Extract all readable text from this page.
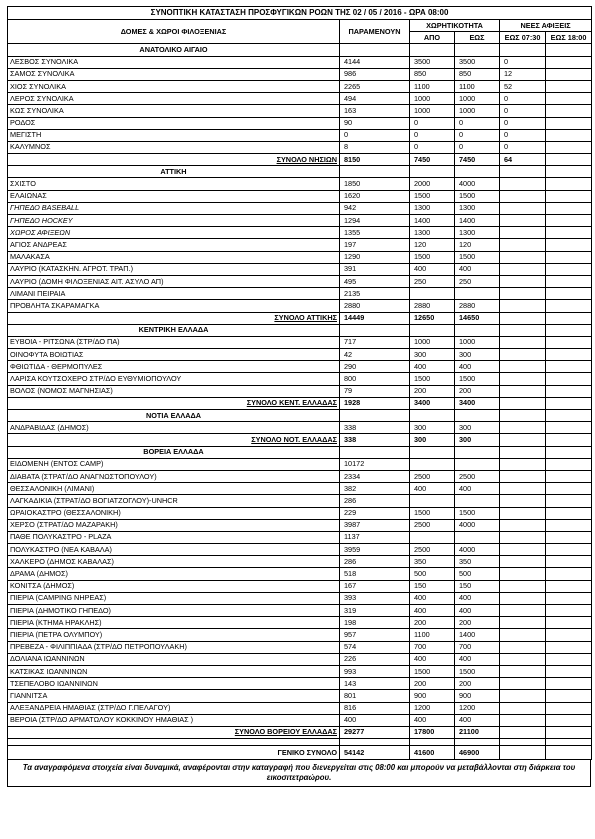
ΣΥΝΟΠΤΙΚΗ ΚΑΤΑΣΤΑΣΗ ΠΡΟΣΦΥΓΙΚΩΝ ΡΟΩΝ ΤΗΣ 02 / 05 / 2016 - ΩΡΑ 08:00					
ΔΟΜΕΣ & ΧΩΡΟΙ ΦΙΛΟΞΕΝΙΑΣ	ΠΑΡΑΜΕΝΟΥΝ	ΧΩΡΗΤΙΚΟΤΗΤΑ		ΝΕΕΣ ΑΦΙΞΕΙΣ	
		ΑΠΟ	ΕΩΣ	ΕΩΣ 07:30	ΕΩΣ 18:00
ΑΝΑΤΟΛΙΚΟ ΑΙΓΑΙΟ					
ΛΕΣΒΟΣ ΣΥΝΟΛΙΚΑ	4144	3500	3500	0	
ΣΑΜΟΣ ΣΥΝΟΛΙΚΑ	986	850	850	12	
ΧΙΟΣ ΣΥΝΟΛΙΚΑ	2265	1100	1100	52	
ΛΕΡΟΣ ΣΥΝΟΛΙΚΑ	494	1000	1000	0	
ΚΩΣ ΣΥΝΟΛΙΚΑ	163	1000	1000	0	
ΡΟΔΟΣ	90	0	0	0	
ΜΕΓΙΣΤΗ	0	0	0	0	
ΚΑΛΥΜΝΟΣ	8	0	0	0	
ΣΥΝΟΛΟ ΝΗΣΙΩΝ	8150	7450	7450	64	
ΑΤΤΙΚΗ					
ΣΧΙΣΤΟ	1850	2000	4000		
ΕΛΑΙΩΝΑΣ	1620	1500	1500		
ΓΗΠΕΔΟ BASEBALL	942	1300	1300		
ΓΗΠΕΔΟ HOCKEY	1294	1400	1400		
ΧΩΡΟΣ ΑΦΙΞΕΩΝ	1355	1300	1300		
ΑΓΙΟΣ ΑΝΔΡΕΑΣ	197	120	120		
ΜΑΛΑΚΑΣΑ	1290	1500	1500		
ΛΑΥΡΙΟ (ΚΑΤΑΣΚΗΝ. ΑΓΡΟΤ. ΤΡΑΠ.)	391	400	400		
ΛΑΥΡΙΟ (ΔΟΜΗ ΦΙΛΟΞΕΝΙΑΣ ΑΙΤ. ΑΣΥΛΟ ΑΠ)	495	250	250		
ΛΙΜΑΝΙ ΠΕΙΡΑΙΑ	2135				
ΠΡΟΒΛΗΤΑ ΣΚΑΡΑΜΑΓΚΑ	2880	2880	2880		
ΣΥΝΟΛΟ ΑΤΤΙΚΗΣ	14449	12650	14650		
ΚΕΝΤΡΙΚΗ ΕΛΛΑΔΑ					
ΕΥΒΟΙΑ - ΡΙΤΣΩΝΑ (ΣΤΡ/ΔΟ ΠΑ)	717	1000	1000		
ΟΙΝΟΦΥΤΑ ΒΟΙΩΤΙΑΣ	42	300	300		
ΦΘΙΩΤΙΔΑ - ΘΕΡΜΟΠΥΛΕΣ	290	400	400		
ΛΑΡΙΣΑ ΚΟΥΤΣΟΧΕΡΟ ΣΤΡ/ΔΟ ΕΥΘΥΜΙΟΠΟΥΛΟΥ	800	1500	1500		
ΒΟΛΟΣ (ΝΟΜΟΣ ΜΑΓΝΗΣΙΑΣ)	79	200	200		
ΣΥΝΟΛΟ ΚΕΝΤ. ΕΛΛΑΔΑΣ	1928	3400	3400		
ΝΟΤΙΑ ΕΛΛΑΔΑ					
ΑΝΔΡΑΒΙΔΑΣ (ΔΗΜΟΣ)	338	300	300		
ΣΥΝΟΛΟ ΝΟΤ. ΕΛΛΑΔΑΣ	338	300	300		
ΒΟΡΕΙΑ ΕΛΛΑΔΑ					
ΕΙΔΟΜΕΝΗ (ΕΝΤΟΣ CAMP)	10172				
ΔΙΑΒΑΤΑ (ΣΤΡΑΤ/ΔΟ ΑΝΑΓΝΩΣΤΟΠΟΥΛΟΥ)	2334	2500	2500		
ΘΕΣΣΑΛΟΝΙΚΗ (ΛΙΜΑΝΙ)	382	400	400		
ΛΑΓΚΑΔΙΚΙΑ (ΣΤΡΑΤ/ΔΟ ΒΟΓΙΑΤΖΟΓΛΟΥ)-UNHCR	286				
ΩΡΑΙΟΚΑΣΤΡΟ (ΘΕΣΣΑΛΟΝΙΚΗ)	229	1500	1500		
ΧΕΡΣΟ (ΣΤΡΑΤ/ΔΟ ΜΑΖΑΡΑΚΗ)	3987	2500	4000		
ΠΑΘΕ ΠΟΛΥΚΑΣΤΡΟ - PLAZA	1137				
ΠΟΛΥΚΑΣΤΡΟ (ΝΕΑ ΚΑΒΑΛΑ)	3959	2500	4000		
ΧΑΛΚΕΡΟ (ΔΗΜΟΣ ΚΑΒΑΛΑΣ)	286	350	350		
ΔΡΑΜΑ (ΔΗΜΟΣ)	518	500	500		
ΚΟΝΙΤΣΑ (ΔΗΜΟΣ)	167	150	150		
ΠΙΕΡΙΑ (CAMPING ΝΗΡΕΑΣ)	393	400	400		
ΠΙΕΡΙΑ (ΔΗΜΟΤΙΚΟ ΓΗΠΕΔΟ)	319	400	400		
ΠΙΕΡΙΑ (ΚΤΗΜΑ ΗΡΑΚΛΗΣ)	198	200	200		
ΠΙΕΡΙΑ (ΠΕΤΡΑ ΟΛΥΜΠΟΥ)	957	1100	1400		
ΠΡΕΒΕΖΑ - ΦΙΛΙΠΠΙΑΔΑ (ΣΤΡ/ΔΟ ΠΕΤΡΟΠΟΥΛΑΚΗ)	574	700	700		
ΔΟΛΙΑΝΑ ΙΩΑΝΝΙΝΩΝ	226	400	400		
ΚΑΤΣΙΚΑΣ ΙΩΑΝΝΙΝΩΝ	993	1500	1500		
ΤΣΕΠΕΛΟΒΟ ΙΩΑΝΝΙΝΩΝ	143	200	200		
ΓΙΑΝΝΙΤΣΑ	801	900	900		
ΑΛΕΞΑΝΔΡΕΙΑ ΗΜΑΘΙΑΣ (ΣΤΡ/ΔΟ Γ.ΠΕΛΑΓΟΥ)	816	1200	1200		
ΒΕΡΟΙΑ (ΣΤΡ/ΔΟ ΑΡΜΑΤΩΛΟΥ ΚΟΚΚΙΝΟΥ ΗΜΑΘΙΑΣ )	400	400	400		
ΣΥΝΟΛΟ ΒΟΡΕΙΟΥ ΕΛΛΑΔΑΣ	29277	17800	21100		

ΓΕΝΙΚΟ ΣΥΝΟΛΟ	54142	41600	46900		
Τα αναγραφόμενα στοιχεία είναι δυναμικά, αναφέρονται στην καταγραφή που διενεργείται στις 08:00 και μπορούν να μεταβάλλονται στη διάρκεια του εικοσιτετραώρου.
